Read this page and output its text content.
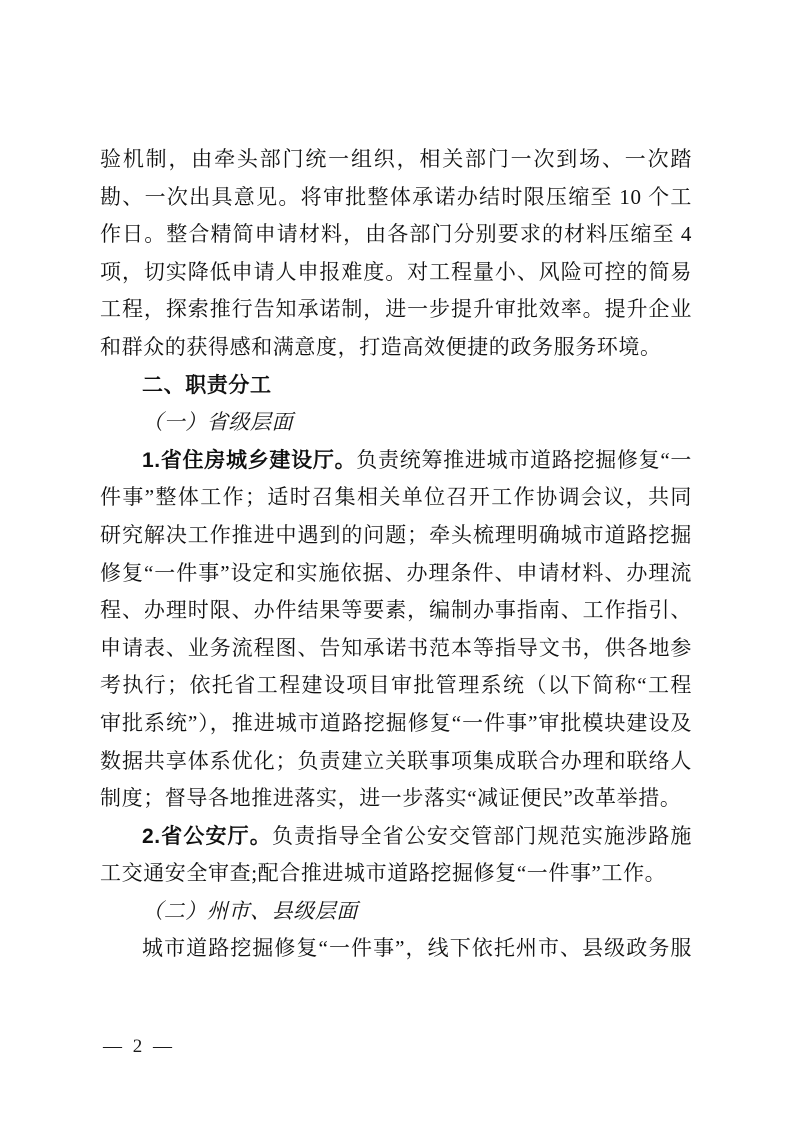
验机制，由牵头部门统一组织，相关部门一次到场、一次踏勘、一次出具意见。将审批整体承诺办结时限压缩至 10 个工作日。整合精简申请材料，由各部门分别要求的材料压缩至 4 项，切实降低申请人申报难度。对工程量小、风险可控的简易工程，探索推行告知承诺制，进一步提升审批效率。提升企业和群众的获得感和满意度，打造高效便捷的政务服务环境。

二、职责分工

（一）省级层面

1.省住房城乡建设厅。负责统筹推进城市道路挖掘修复“一件事”整体工作；适时召集相关单位召开工作协调会议，共同研究解决工作推进中遇到的问题；牵头梳理明确城市道路挖掘修复“一件事”设定和实施依据、办理条件、申请材料、办理流程、办理时限、办件结果等要素，编制办事指南、工作指引、申请表、业务流程图、告知承诺书范本等指导文书，供各地参考执行；依托省工程建设项目审批管理系统（以下简称“工程审批系统”），推进城市道路挖掘修复“一件事”审批模块建设及数据共享体系优化；负责建立关联事项集成联合办理和联络人制度；督导各地推进落实，进一步落实“减证便民”改革举措。

2.省公安厅。负责指导全省公安交管部门规范实施涉路施工交通安全审查;配合推进城市道路挖掘修复“一件事”工作。

（二）州市、县级层面

城市道路挖掘修复“一件事”，线下依托州市、县级政务服

— 2 —
